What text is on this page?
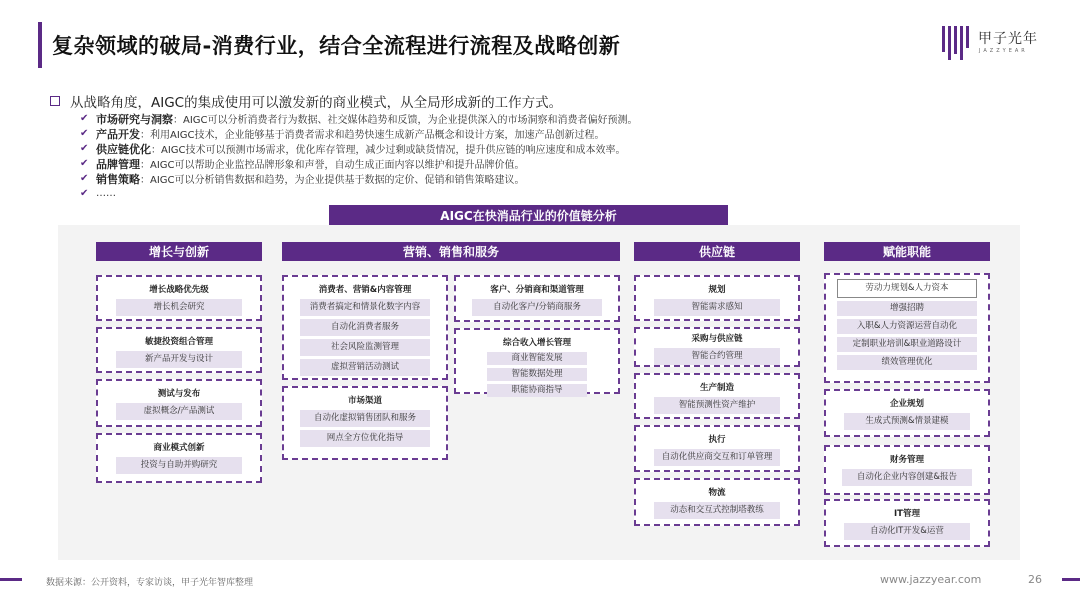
复杂领域的破局-消费行业，结合全流程进行流程及战略创新	甲子光年
JAZZYEAR
从战略角度，AIGC的集成使用可以激发新的商业模式，从全局形成新的工作方式。
✔ 市场研究与洞察 ：AIGC可以分析消费者行为数据、社交媒体趋势和反馈，为企业提供深入的市场洞察和消费者偏好预测。
✔ 产品开发 ：利用AIGC技术，企业能够基于消费者需求和趋势快速生成新产品概念和设计方案，加速产品创新过程。
✔ 供应链优化 ：AIGC技术可以预测市场需求，优化库存管理，减少过剩或缺货情况，提升供应链的响应速度和成本效率。
✔ 品牌管理 ：AIGC可以帮助企业监控品牌形象和声誉，自动生成正面内容以维护和提升品牌价值。
✔ 销售策略 ：AIGC可以分析销售数据和趋势，为企业提供基于数据的定价、促销和销售策略建议。
✔ ……
AIGC在快消品行业的价值链分析
增长与创新	营销、销售和服务	供应链	赋能职能
增长战略优先级
增长机会研究
敏捷投资组合管理
新产品开发与设计
测试与发布
虚拟概念/产品测试
商业模式创新
投资与自助并购研究
消费者、营销&内容管理
消费者搞定和情景化数字内容
自动化消费者服务
社会风险监测管理
虚拟营销活动测试
市场渠道
自动化虚拟销售团队和服务
网点全方位优化指导
客户、分销商和渠道管理
自动化客户/分销商服务
综合收入增长管理
商业智能发展
智能数据处理
职能协商指导
规划
智能需求感知
采购与供应链
智能合约管理
生产制造
智能预测性资产维护
执行
自动化供应商交互和订单管理
物流
动态和交互式控制塔教练
劳动力规划&人力资本
增强招聘
入职&人力资源运营自动化
定制职业培训&职业道路设计
绩效管理优化
企业规划
生成式预测&情景建模
财务管理
自动化企业内容创建&报告
IT管理
自动化IT开发&运营
数据来源：公开资料，专家访谈，甲子光年智库整理	www.jazzyear.com	26
